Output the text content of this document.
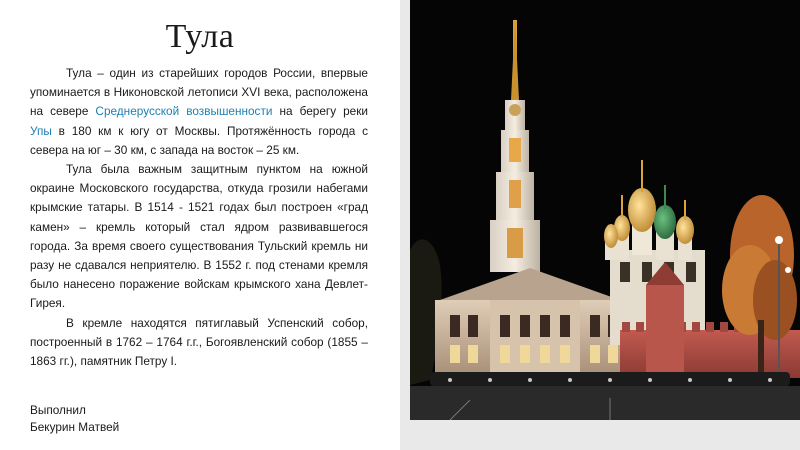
Тула

Тула – один из старейших городов России, впервые упоминается в Никоновской летописи XVI века, расположена на севере Среднерусской возвышенности на берегу реки Упы в 180 км к югу от Москвы. Протяжённость города с севера на юг – 30 км, с запада на восток – 25 км.

Тула была важным защитным пунктом на южной окраине Московского государства, откуда грозили набегами крымские татары. В 1514 - 1521 годах был построен «град камен» – кремль который стал ядром развивавшегося города. За время своего существования Тульский кремль ни разу не сдавался неприятелю. В 1552 г. под стенами кремля было нанесено поражение войскам крымского хана Девлет-Гирея.

В кремле находятся пятиглавый Успенский собор, построенный в 1762 – 1764 г.г., Богоявленский собор (1855 – 1863 гг.), памятник Петру I.

Выполнил
Бекурин Матвей
